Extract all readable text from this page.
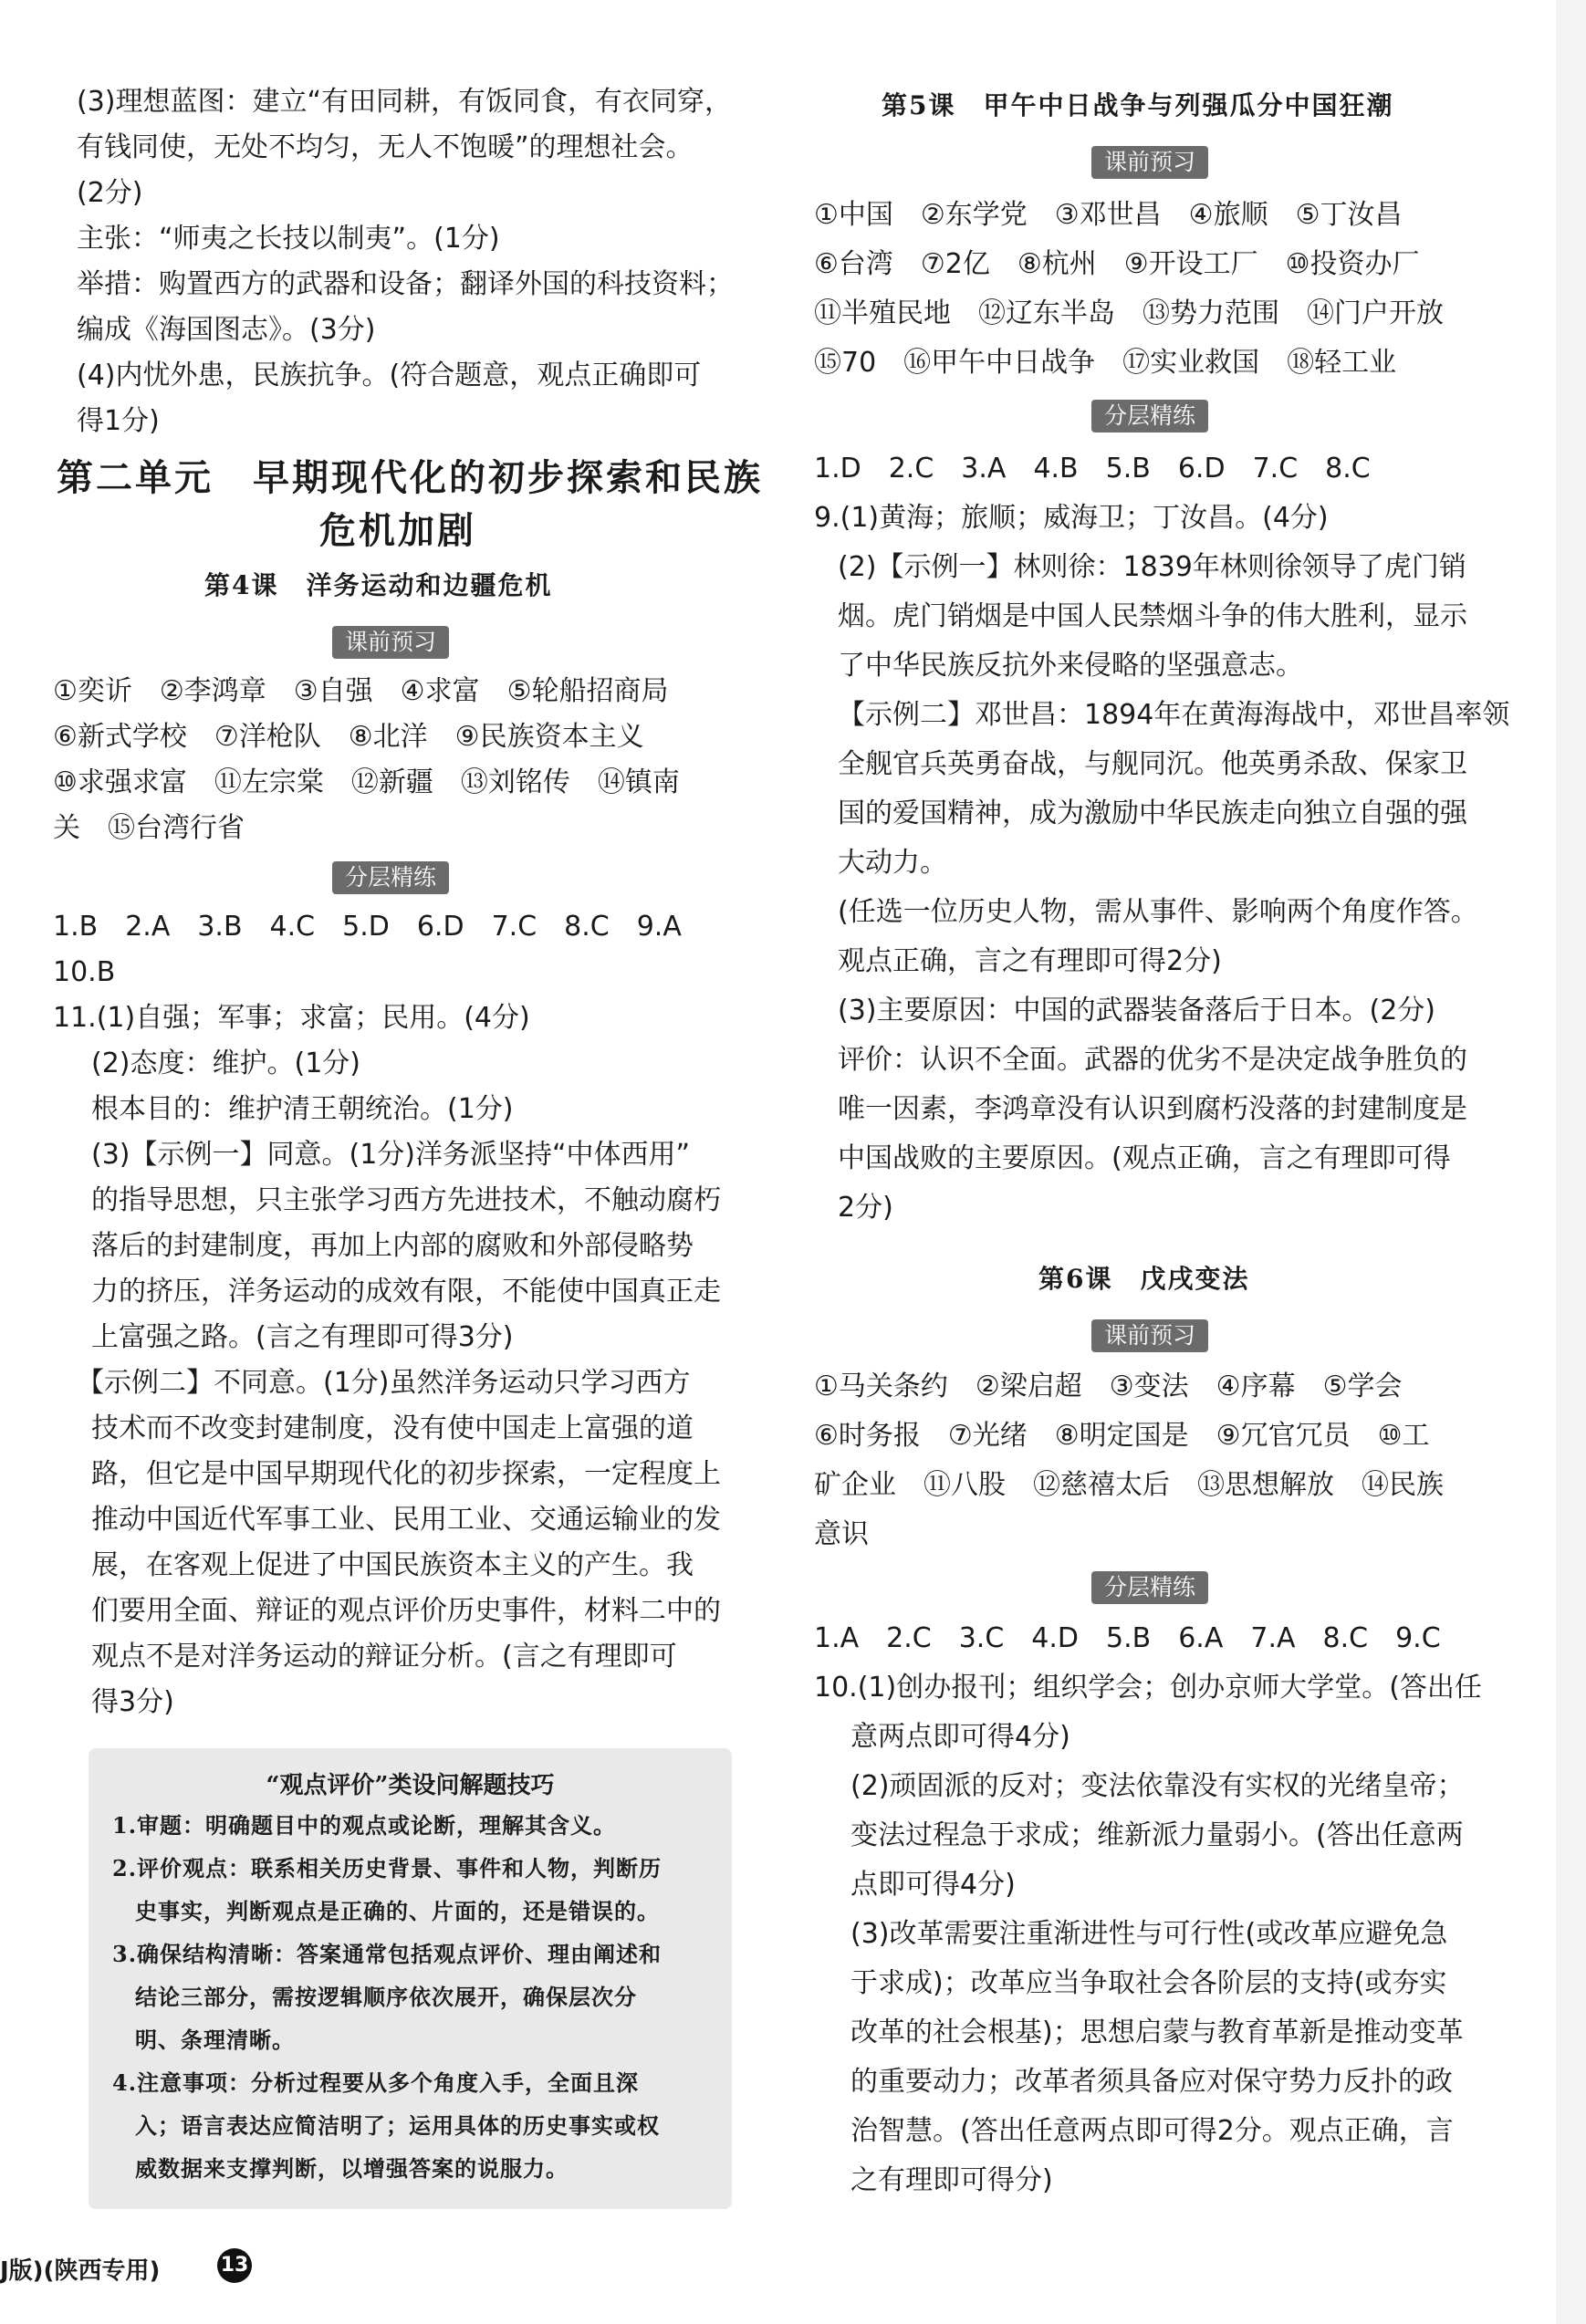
(3)理想蓝图：建立“有田同耕，有饭同食，有衣同穿，
有钱同使，无处不均匀，无人不饱暖”的理想社会。
(2分)
主张：“师夷之长技以制夷”。(1分)
举措：购置西方的武器和设备；翻译外国的科技资料；
编成《海国图志》。(3分)
(4)内忧外患，民族抗争。(符合题意，观点正确即可
得1分)
第二单元　早期现代化的初步探索和民族
危机加剧
第4课　洋务运动和边疆危机
课前预习
①奕䜣　②李鸿章　③自强　④求富　⑤轮船招商局
⑥新式学校　⑦洋枪队　⑧北洋　⑨民族资本主义
⑩求强求富　⑪左宗棠　⑫新疆　⑬刘铭传　⑭镇南
关　⑮台湾行省
分层精练
1.B　2.A　3.B　4.C　5.D　6.D　7.C　8.C　9.A
10.B
11.(1)自强；军事；求富；民用。(4分)
(2)态度：维护。(1分)
根本目的：维护清王朝统治。(1分)
(3)【示例一】同意。(1分)洋务派坚持“中体西用”
的指导思想，只主张学习西方先进技术，不触动腐朽
落后的封建制度，再加上内部的腐败和外部侵略势
力的挤压，洋务运动的成效有限，不能使中国真正走
上富强之路。(言之有理即可得3分)
【示例二】不同意。(1分)虽然洋务运动只学习西方
技术而不改变封建制度，没有使中国走上富强的道
路，但它是中国早期现代化的初步探索，一定程度上
推动中国近代军事工业、民用工业、交通运输业的发
展，在客观上促进了中国民族资本主义的产生。我
们要用全面、辩证的观点评价历史事件，材料二中的
观点不是对洋务运动的辩证分析。(言之有理即可
得3分)
“观点评价”类设问解题技巧
1.审题：明确题目中的观点或论断，理解其含义。
2.评价观点：联系相关历史背景、事件和人物，判断历
　史事实，判断观点是正确的、片面的，还是错误的。
3.确保结构清晰：答案通常包括观点评价、理由阐述和
　结论三部分，需按逻辑顺序依次展开，确保层次分
　明、条理清晰。
4.注意事项：分析过程要从多个角度入手，全面且深
　入；语言表达应简洁明了；运用具体的历史事实或权
　威数据来支撑判断，以增强答案的说服力。
第5课　甲午中日战争与列强瓜分中国狂潮
课前预习
①中国　②东学党　③邓世昌　④旅顺　⑤丁汝昌
⑥台湾　⑦2亿　⑧杭州　⑨开设工厂　⑩投资办厂
⑪半殖民地　⑫辽东半岛　⑬势力范围　⑭门户开放
⑮70　⑯甲午中日战争　⑰实业救国　⑱轻工业
分层精练
1.D　2.C　3.A　4.B　5.B　6.D　7.C　8.C
9.(1)黄海；旅顺；威海卫；丁汝昌。(4分)
(2)【示例一】林则徐：1839年林则徐领导了虎门销
烟。虎门销烟是中国人民禁烟斗争的伟大胜利，显示
了中华民族反抗外来侵略的坚强意志。
【示例二】邓世昌：1894年在黄海海战中，邓世昌率领
全舰官兵英勇奋战，与舰同沉。他英勇杀敌、保家卫
国的爱国精神，成为激励中华民族走向独立自强的强
大动力。
(任选一位历史人物，需从事件、影响两个角度作答。
观点正确，言之有理即可得2分)
(3)主要原因：中国的武器装备落后于日本。(2分)
评价：认识不全面。武器的优劣不是决定战争胜负的
唯一因素，李鸿章没有认识到腐朽没落的封建制度是
中国战败的主要原因。(观点正确，言之有理即可得
2分)
第6课　戊戌变法
课前预习
①马关条约　②梁启超　③变法　④序幕　⑤学会
⑥时务报　⑦光绪　⑧明定国是　⑨冗官冗员　⑩工
矿企业　⑪八股　⑫慈禧太后　⑬思想解放　⑭民族
意识
分层精练
1.A　2.C　3.C　4.D　5.B　6.A　7.A　8.C　9.C
10.(1)创办报刊；组织学会；创办京师大学堂。(答出任
意两点即可得4分)
(2)顽固派的反对；变法依靠没有实权的光绪皇帝；
变法过程急于求成；维新派力量弱小。(答出任意两
点即可得4分)
(3)改革需要注重渐进性与可行性(或改革应避免急
于求成)；改革应当争取社会各阶层的支持(或夯实
改革的社会根基)；思想启蒙与教育革新是推动变革
的重要动力；改革者须具备应对保守势力反扑的政
治智慧。(答出任意两点即可得2分。观点正确，言
之有理即可得分)
J版)(陕西专用)	13
